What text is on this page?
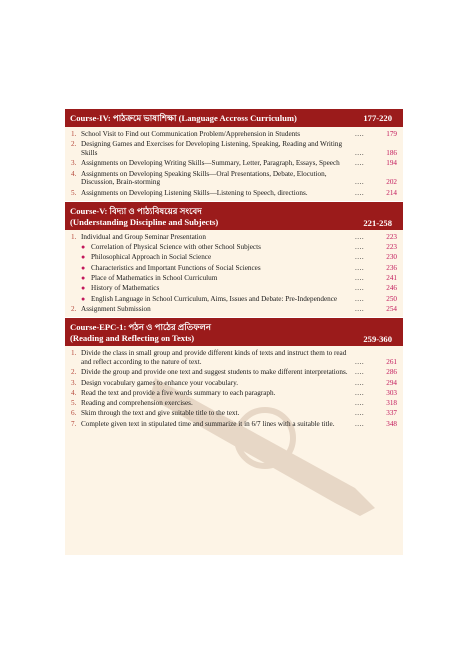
Course-IV: পাঠক্রমে ভাষাশিক্ষা (Language Accross Curriculum)	177-220
1. School Visit to Find out Communication Problem/Apprehension in Students	....	179
2. Designing Games and Exercises for Developing Listening, Speaking, Reading and Writing Skills	....	186
3. Assignments on Developing Writing Skills—Summary, Letter, Paragraph, Essays, Speech	....	194
4. Assignments on Developing Speaking Skills—Oral Presentations, Debate, Elocution, Discussion, Brain-storming	....	202
5. Assignments on Developing Listening Skills—Listening to Speech, directions.	....	214
Course-V: বিদ্যা ও পাঠ্যবিষয়ের সংবেদ
(Understanding Discipline and Subjects)	221-258
1. Individual and Group Seminar Presentation	....	223
● Correlation of Physical Science with other School Subjects	....	223
● Philosophical Approach in Social Science	....	230
● Characteristics and Important Functions of Social Sciences	....	236
● Place of Mathematics in School Curriculum	....	241
● History of Mathematics	....	246
● English Language in School Curriculum, Aims, Issues and Debate: Pre-Independence	....	250
2. Assignment Submission	....	254
Course-EPC-1: পঠন ও পাঠের প্রতিফলন
(Reading and Reflecting on Texts)	259-360
1. Divide the class in small group and provide different kinds of texts and instruct them to read and reflect according to the nature of text.	....	261
2. Divide the group and provide one text and suggest students to make different interpretations.	....	286
3. Design vocabulary games to enhance your vocabulary.	....	294
4. Read the text and provide a five words summary to each paragraph.	....	303
5. Reading and comprehension exercises.	....	318
6. Skim through the text and give suitable title to the text.	....	337
7. Complete given text in stipulated time and summarize it in 6/7 lines with a suitable title.	....	348
